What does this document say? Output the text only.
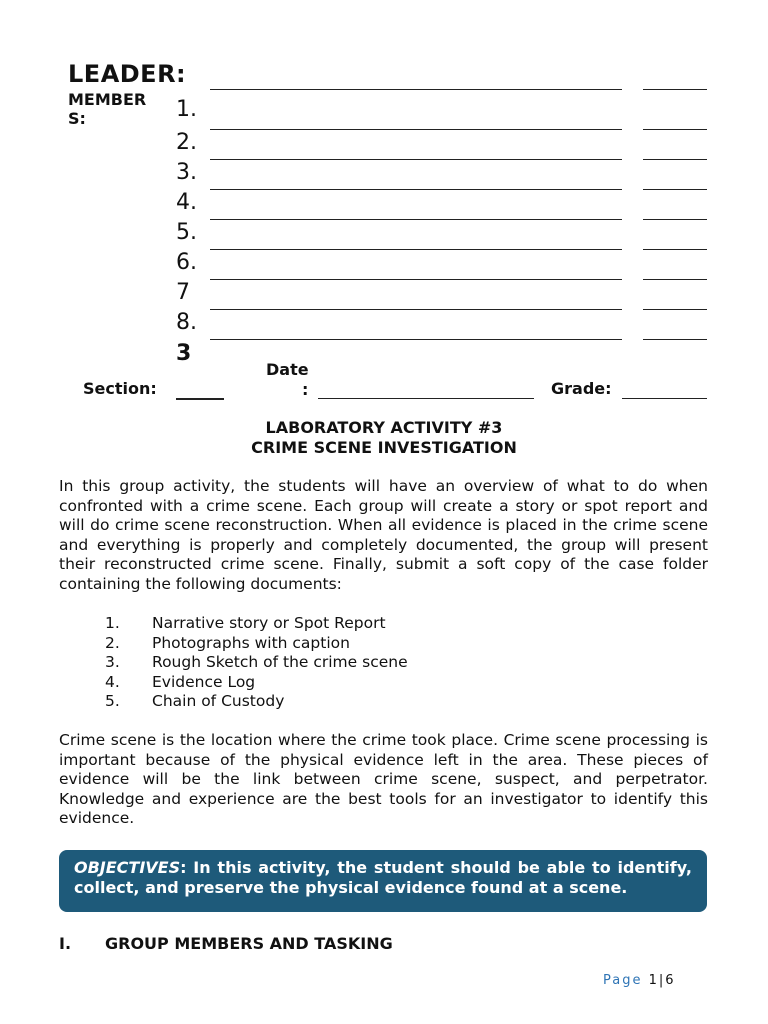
LEADER:
MEMBER
S:	1.
2.
3.
4.
5.
6.
7
8.
3
Section:
Date
:	Grade:
LABORATORY ACTIVITY #3
CRIME SCENE INVESTIGATION
In this group activity, the students will have an overview of what to do when confronted with a crime scene. Each group will create a story or spot report and will do crime scene reconstruction. When all evidence is placed in the crime scene and everything is properly and completely documented, the group will present their reconstructed crime scene. Finally, submit a soft copy of the case folder containing the following documents:
1.	Narrative story or Spot Report
2.	Photographs with caption
3.	Rough Sketch of the crime scene
4.	Evidence Log
5.	Chain of Custody
Crime scene is the location where the crime took place. Crime scene processing is important because of the physical evidence left in the area. These pieces of evidence will be the link between crime scene, suspect, and perpetrator. Knowledge and experience are the best tools for an investigator to identify this evidence.
OBJECTIVES: In this activity, the student should be able to identify, collect, and preserve the physical evidence found at a scene.
I. GROUP MEMBERS AND TASKING
Page 1|6
